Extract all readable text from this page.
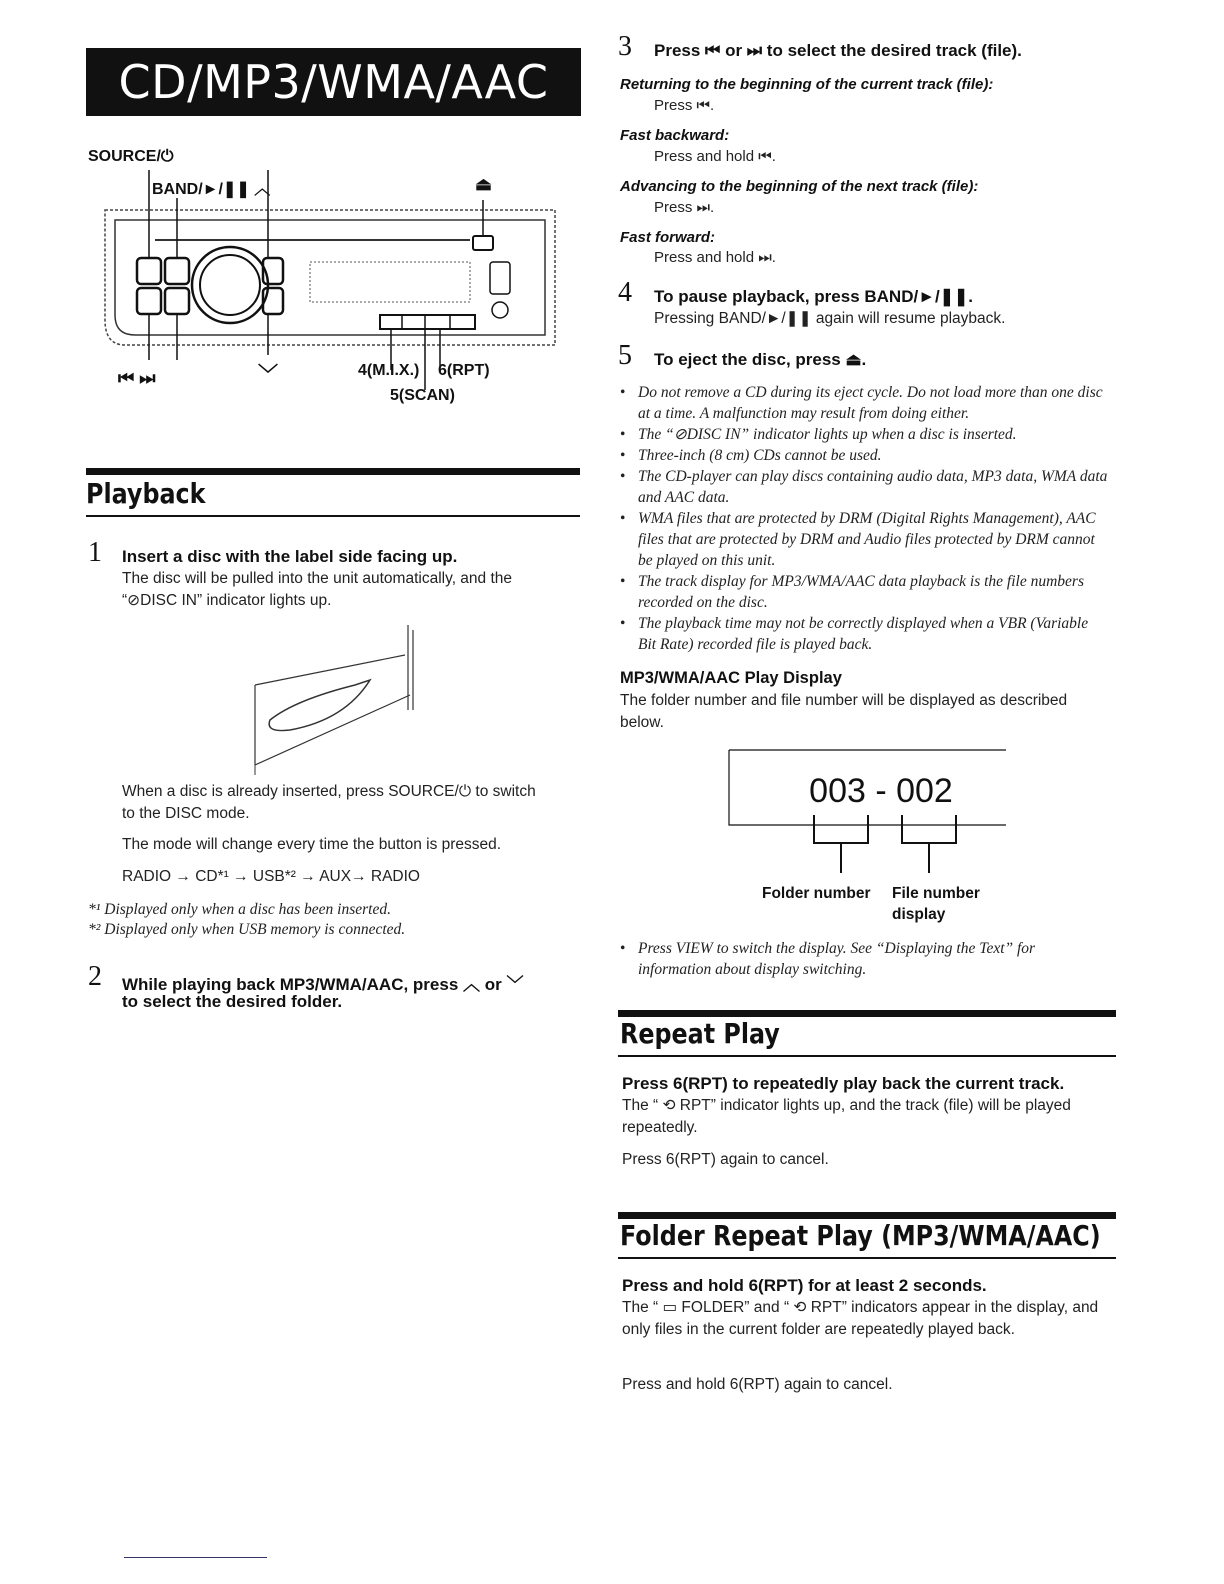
CD/MP3/WMA/AAC
SOURCE/⏻
BAND/►/❚❚ ︿	⏏
⏮ ⏭	﹀	4(M.I.X.) 6(RPT)
5(SCAN)
Playback
1 Insert a disc with the label side facing up.
The disc will be pulled into the unit automatically, and the
“⊘DISC IN” indicator lights up.
When a disc is already inserted, press SOURCE/⏻ to switch
to the DISC mode.
The mode will change every time the button is pressed.
RADIO → CD*¹ → USB*² → AUX→ RADIO
*¹ Displayed only when a disc has been inserted.
*² Displayed only when USB memory is connected.
2 While playing back MP3/WMA/AAC, press ︿ or ﹀
to select the desired folder.
3 Press ⏮ or ⏭ to select the desired track (file).
Returning to the beginning of the current track (file):
Press ⏮.
Fast backward:
Press and hold ⏮.
Advancing to the beginning of the next track (file):
Press ⏭.
Fast forward:
Press and hold ⏭.
4 To pause playback, press BAND/►/❚❚.
Pressing BAND/►/❚❚ again will resume playback.
5 To eject the disc, press ⏏.
• Do not remove a CD during its eject cycle. Do not load more than one disc at a time. A malfunction may result from doing either.
• The “⊘DISC IN” indicator lights up when a disc is inserted.
• Three-inch (8 cm) CDs cannot be used.
• The CD-player can play discs containing audio data, MP3 data, WMA data and AAC data.
• WMA files that are protected by DRM (Digital Rights Management), AAC files that are protected by DRM and Audio files protected by DRM cannot be played on this unit.
• The track display for MP3/WMA/AAC data playback is the file numbers recorded on the disc.
• The playback time may not be correctly displayed when a VBR (Variable Bit Rate) recorded file is played back.
MP3/WMA/AAC Play Display
The folder number and file number will be displayed as described below.
003 - 002
Folder number File number
display
• Press VIEW to switch the display. See “Displaying the Text” for information about display switching.
Repeat Play
Press 6(RPT) to repeatedly play back the current track.
The “ ⟲ RPT” indicator lights up, and the track (file) will be played repeatedly.
Press 6(RPT) again to cancel.
Folder Repeat Play (MP3/WMA/AAC)
Press and hold 6(RPT) for at least 2 seconds.
The “ ▭ FOLDER” and “ ⟲ RPT” indicators appear in the display, and only files in the current folder are repeatedly played back.
Press and hold 6(RPT) again to cancel.
